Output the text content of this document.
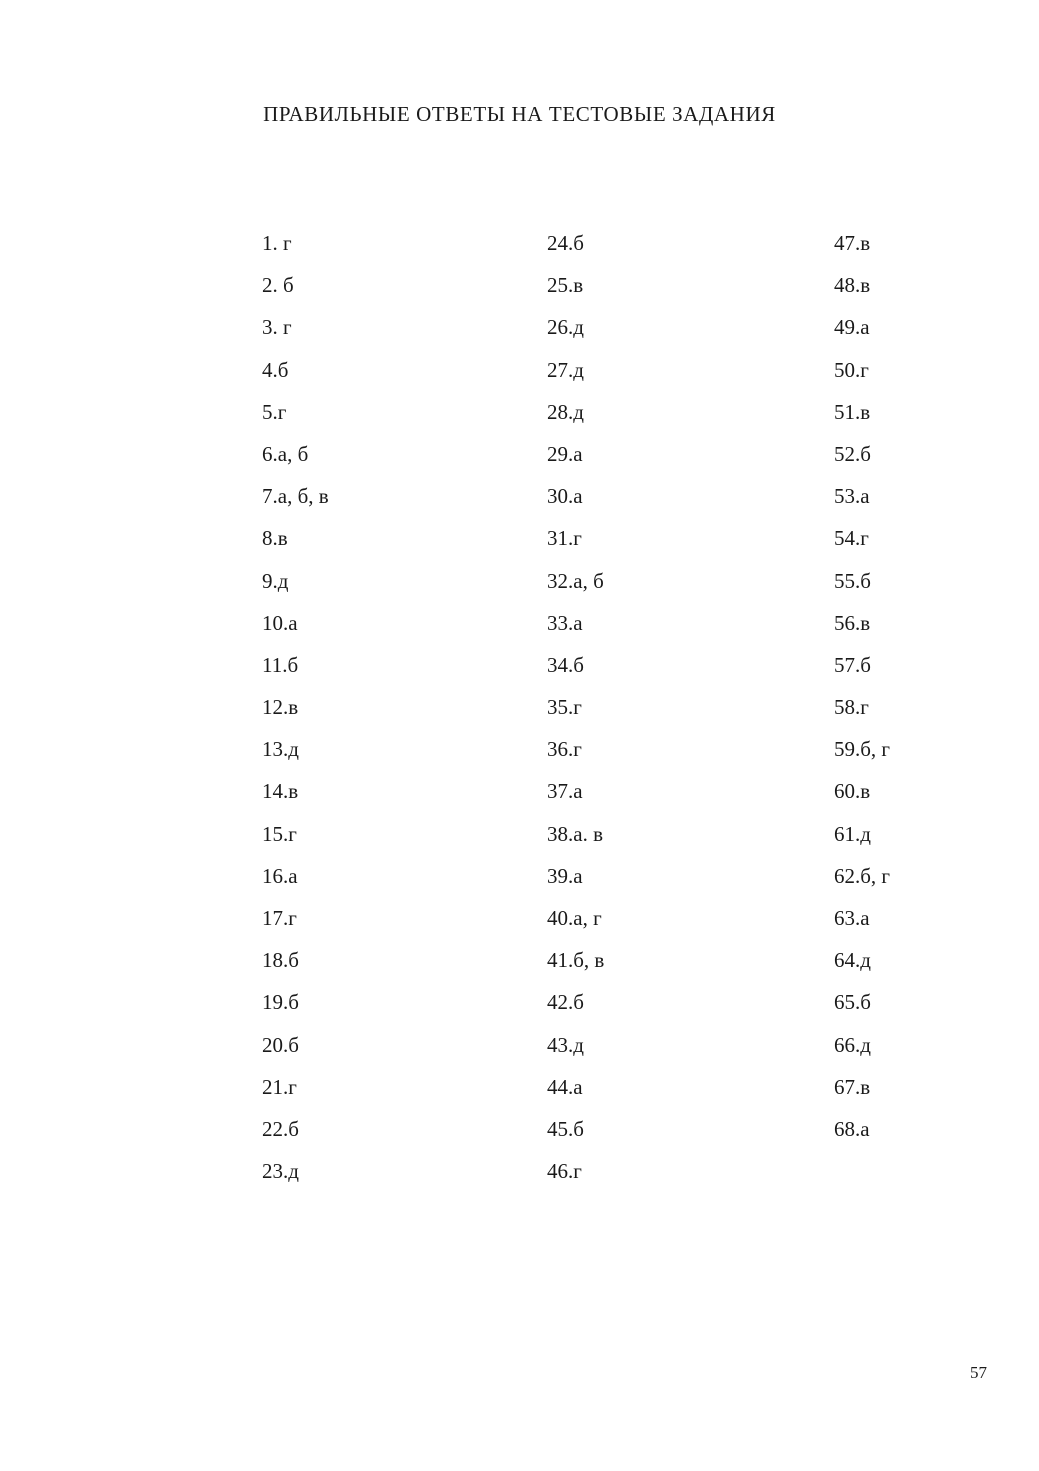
ПРАВИЛЬНЫЕ ОТВЕТЫ НА ТЕСТОВЫЕ ЗАДАНИЯ
1. г
2. б
3. г
4.б
5.г
6.а, б
7.а, б, в
8.в
9.д
10.а
11.б
12.в
13.д
14.в
15.г
16.а
17.г
18.б
19.б
20.б
21.г
22.б
23.д
24.б
25.в
26.д
27.д
28.д
29.а
30.а
31.г
32.а, б
33.а
34.б
35.г
36.г
37.а
38.а. в
39.а
40.а, г
41.б, в
42.б
43.д
44.а
45.б
46.г
47.в
48.в
49.а
50.г
51.в
52.б
53.а
54.г
55.б
56.в
57.б
58.г
59.б, г
60.в
61.д
62.б, г
63.а
64.д
65.б
66.д
67.в
68.а
57
